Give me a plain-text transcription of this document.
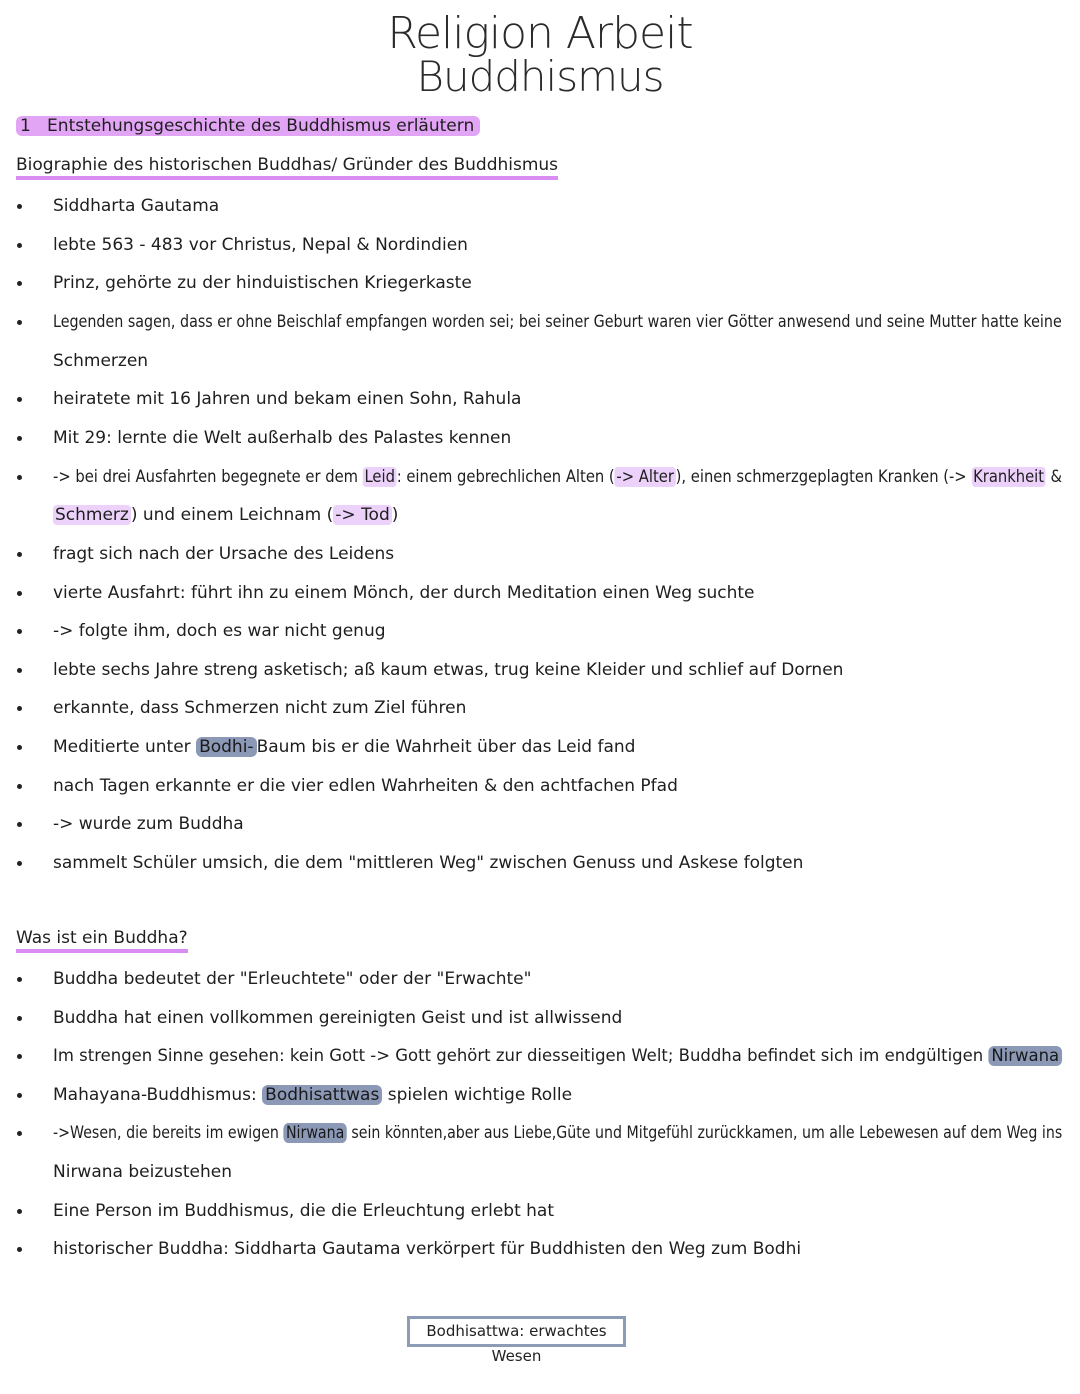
Religion Arbeit
Buddhismus
1 Entstehungsgeschichte des Buddhismus erläutern
Biographie des historischen Buddhas/ Gründer des Buddhismus
Siddharta Gautama
lebte 563 - 483 vor Christus, Nepal & Nordindien
Prinz, gehörte zu der hinduistischen Kriegerkaste
Legenden sagen, dass er ohne Beischlaf empfangen worden sei; bei seiner Geburt waren vier Götter anwesend und seine Mutter hatte keine
Schmerzen
heiratete mit 16 Jahren und bekam einen Sohn, Rahula
Mit 29: lernte die Welt außerhalb des Palastes kennen
-> bei drei Ausfahrten begegnete er dem Leid : einem gebrechlichen Alten ( -> Alter ), einen schmerzgeplagten Kranken (-> Krankheit &
Schmerz ) und einem Leichnam ( -> Tod )
fragt sich nach der Ursache des Leidens
vierte Ausfahrt: führt ihn zu einem Mönch, der durch Meditation einen Weg suchte
-> folgte ihm, doch es war nicht genug
lebte sechs Jahre streng asketisch; aß kaum etwas, trug keine Kleider und schlief auf Dornen
erkannte, dass Schmerzen nicht zum Ziel führen
Meditierte unter Bodhi- Baum bis er die Wahrheit über das Leid fand
nach Tagen erkannte er die vier edlen Wahrheiten & den achtfachen Pfad
-> wurde zum Buddha
sammelt Schüler umsich, die dem "mittleren Weg" zwischen Genuss und Askese folgten
Was ist ein Buddha?
Buddha bedeutet der "Erleuchtete" oder der "Erwachte"
Buddha hat einen vollkommen gereinigten Geist und ist allwissend
Im strengen Sinne gesehen: kein Gott -> Gott gehört zur diesseitigen Welt; Buddha befindet sich im endgültigen Nirwana
Mahayana-Buddhismus: Bodhisattwas spielen wichtige Rolle
->Wesen, die bereits im ewigen Nirwana sein könnten,aber aus Liebe,Güte und Mitgefühl zurückkamen, um alle Lebewesen auf dem Weg ins
Nirwana beizustehen
Eine Person im Buddhismus, die die Erleuchtung erlebt hat
historischer Buddha: Siddharta Gautama verkörpert für Buddhisten den Weg zum Bodhi
Bodhisattwa: erwachtes Wesen
